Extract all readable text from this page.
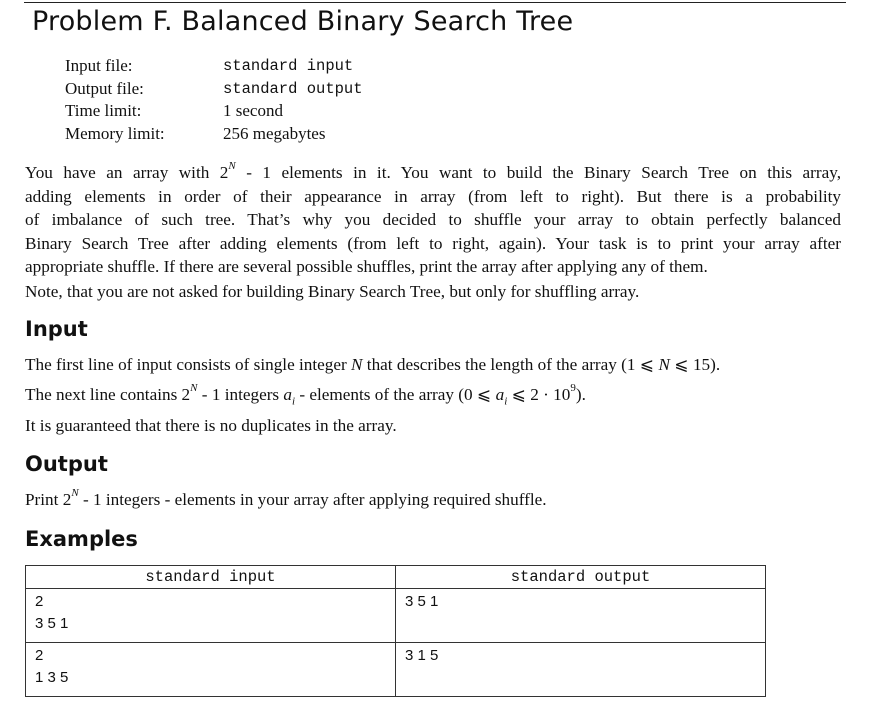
Problem F. Balanced Binary Search Tree
Input file:	standard input
Output file:	standard output
Time limit:	1 second
Memory limit:	256 megabytes
You have an array with $2^N - 1$ elements in it. You want to build the Binary Search Tree on this array,
adding elements in order of their appearance in array (from left to right). But there is a probability
of imbalance of such tree. That’s why you decided to shuffle your array to obtain perfectly balanced
Binary Search Tree after adding elements (from left to right, again). Your task is to print your array after
appropriate shuffle. If there are several possible shuffles, print the array after applying any of them.
Note, that you are not asked for building Binary Search Tree, but only for shuffling array.
Input
The first line of input consists of single integer N that describes the length of the array (1 ⩽ N ⩽ 15).
The next line contains $2^N - 1$ integers $a_i$ - elements of the array (0 ⩽ $a_i$ ⩽ $2 \cdot 10^9$).
It is guaranteed that there is no duplicates in the array.
Output
Print $2^N - 1$ integers - elements in your array after applying required shuffle.
Examples
standard input	standard output

2
3 5 1	3 5 1

2
1 3 5	3 1 5
